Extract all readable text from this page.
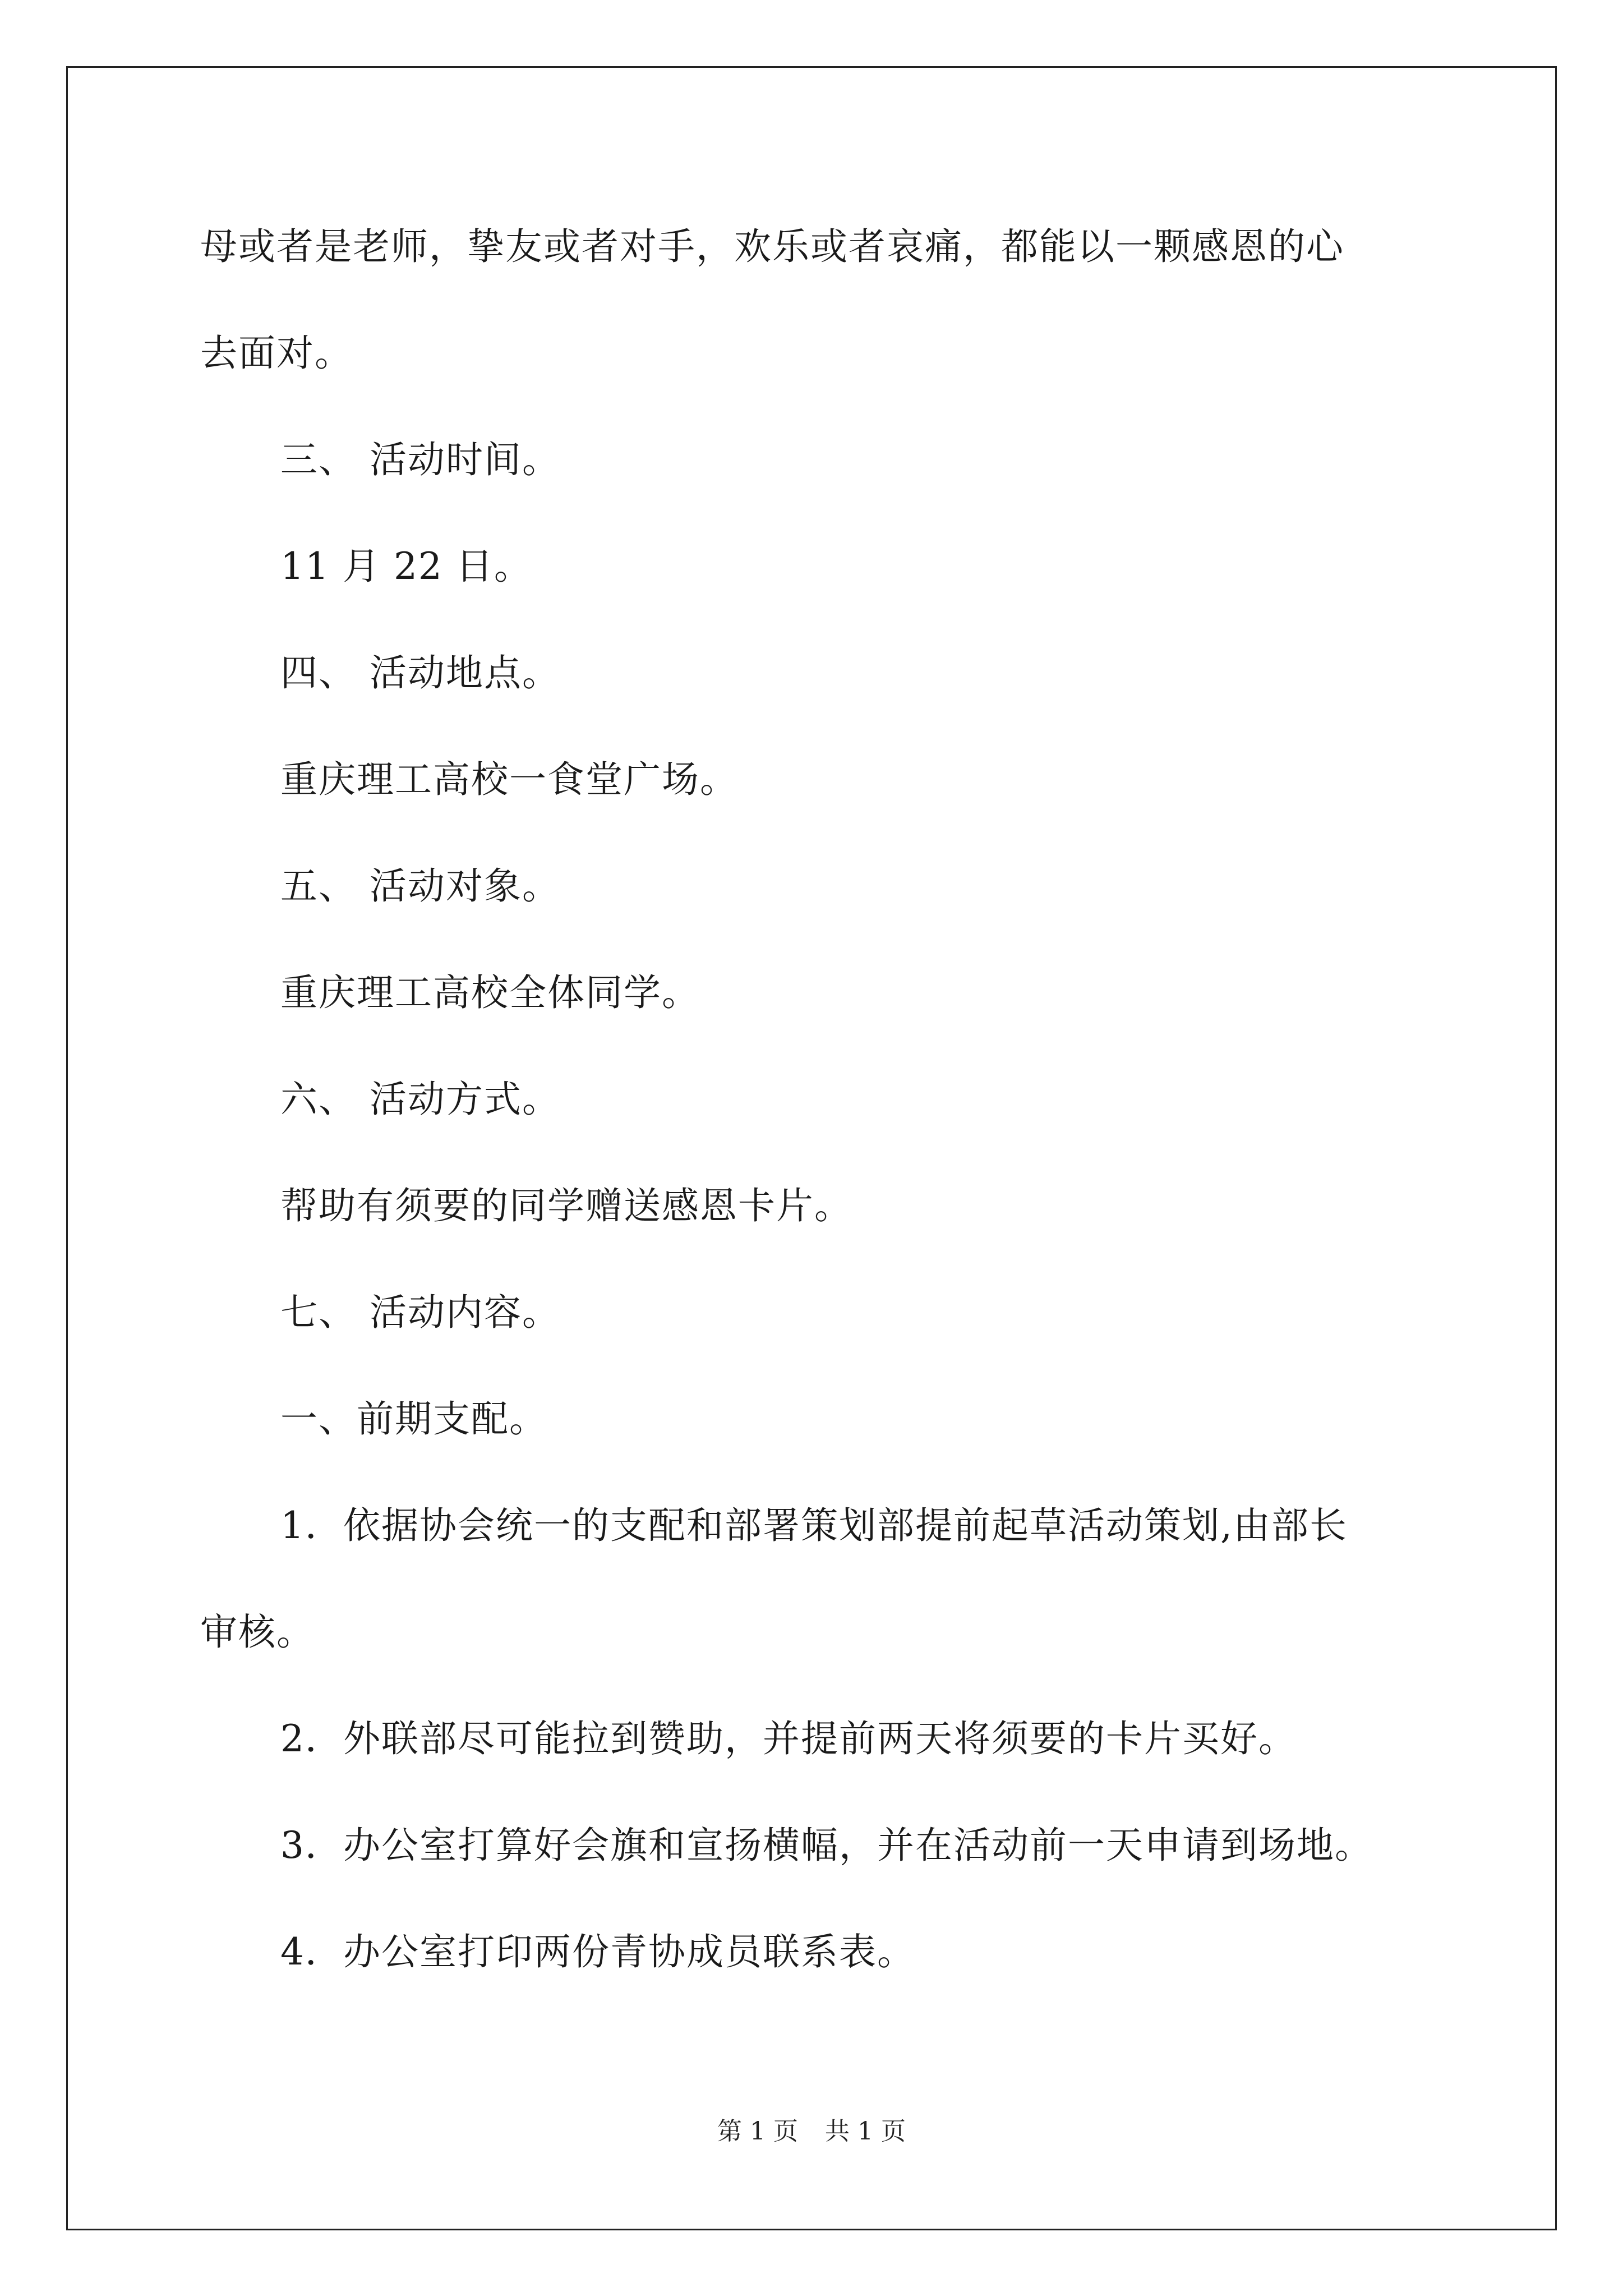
母或者是老师，挚友或者对手，欢乐或者哀痛，都能以一颗感恩的心
去面对。
三、 活动时间。
11 月 22 日。
四、 活动地点。
重庆理工高校一食堂广场。
五、 活动对象。
重庆理工高校全体同学。
六、 活动方式。
帮助有须要的同学赠送感恩卡片。
七、 活动内容。
一、前期支配。
1．依据协会统一的支配和部署策划部提前起草活动策划,由部长
审核。
2．外联部尽可能拉到赞助，并提前两天将须要的卡片买好。
3．办公室打算好会旗和宣扬横幅，并在活动前一天申请到场地。
4．办公室打印两份青协成员联系表。
第 1 页 共 1 页
